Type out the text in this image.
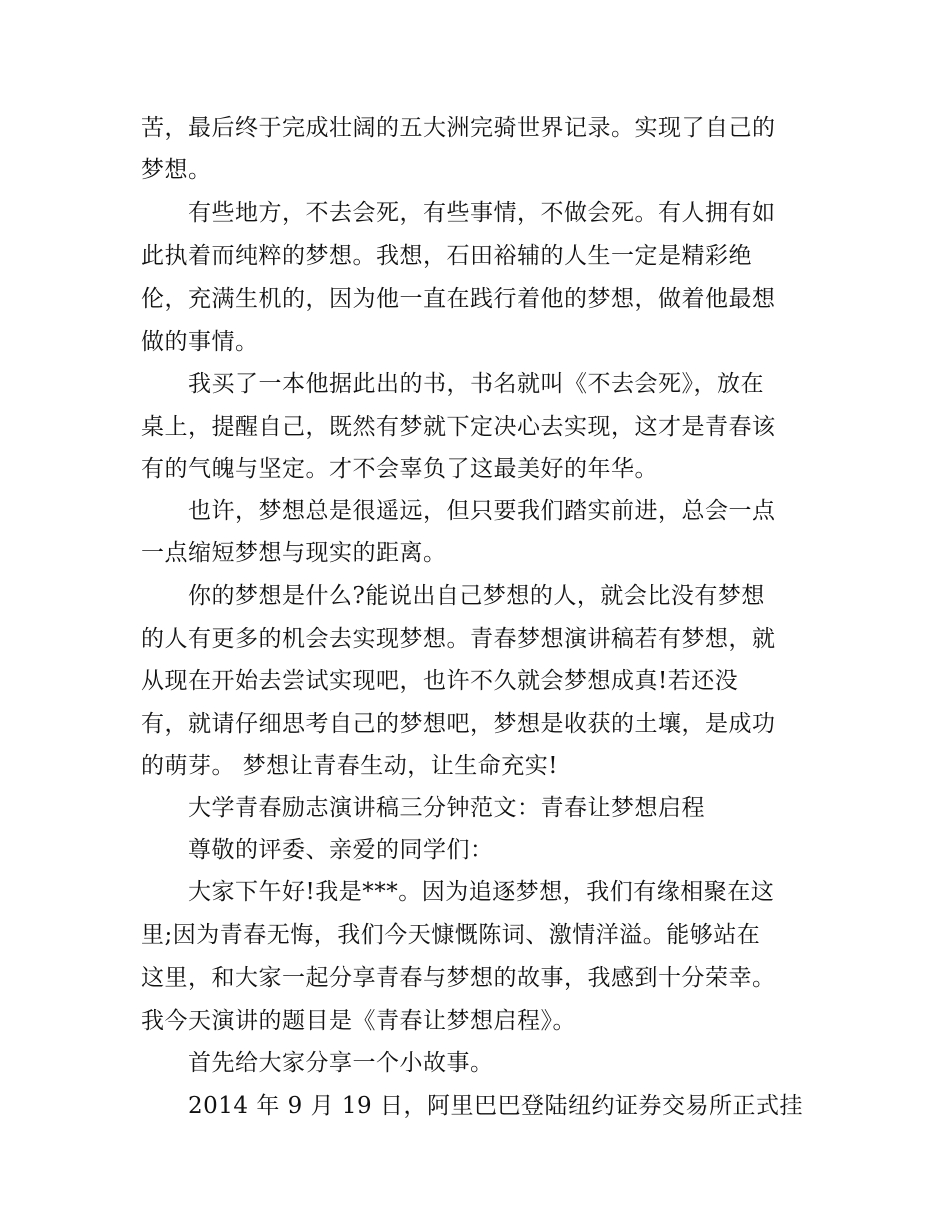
苦，最后终于完成壮阔的五大洲完骑世界记录。实现了自己的
梦想。
有些地方，不去会死，有些事情，不做会死。有人拥有如
此执着而纯粹的梦想。我想，石田裕辅的人生一定是精彩绝
伦，充满生机的，因为他一直在践行着他的梦想，做着他最想
做的事情。
我买了一本他据此出的书，书名就叫《不去会死》，放在
桌上，提醒自己，既然有梦就下定决心去实现，这才是青春该
有的气魄与坚定。才不会辜负了这最美好的年华。
也许，梦想总是很遥远，但只要我们踏实前进，总会一点
一点缩短梦想与现实的距离。
你的梦想是什么?能说出自己梦想的人，就会比没有梦想
的人有更多的机会去实现梦想。青春梦想演讲稿若有梦想，就
从现在开始去尝试实现吧，也许不久就会梦想成真!若还没
有，就请仔细思考自己的梦想吧，梦想是收获的土壤，是成功
的萌芽。 梦想让青春生动，让生命充实!
大学青春励志演讲稿三分钟范文：青春让梦想启程
尊敬的评委、亲爱的同学们：
大家下午好!我是***。因为追逐梦想，我们有缘相聚在这
里;因为青春无悔，我们今天慷慨陈词、激情洋溢。能够站在
这里，和大家一起分享青春与梦想的故事，我感到十分荣幸。
我今天演讲的题目是《青春让梦想启程》。
首先给大家分享一个小故事。
2014 年 9 月 19 日，阿里巴巴登陆纽约证券交易所正式挂
